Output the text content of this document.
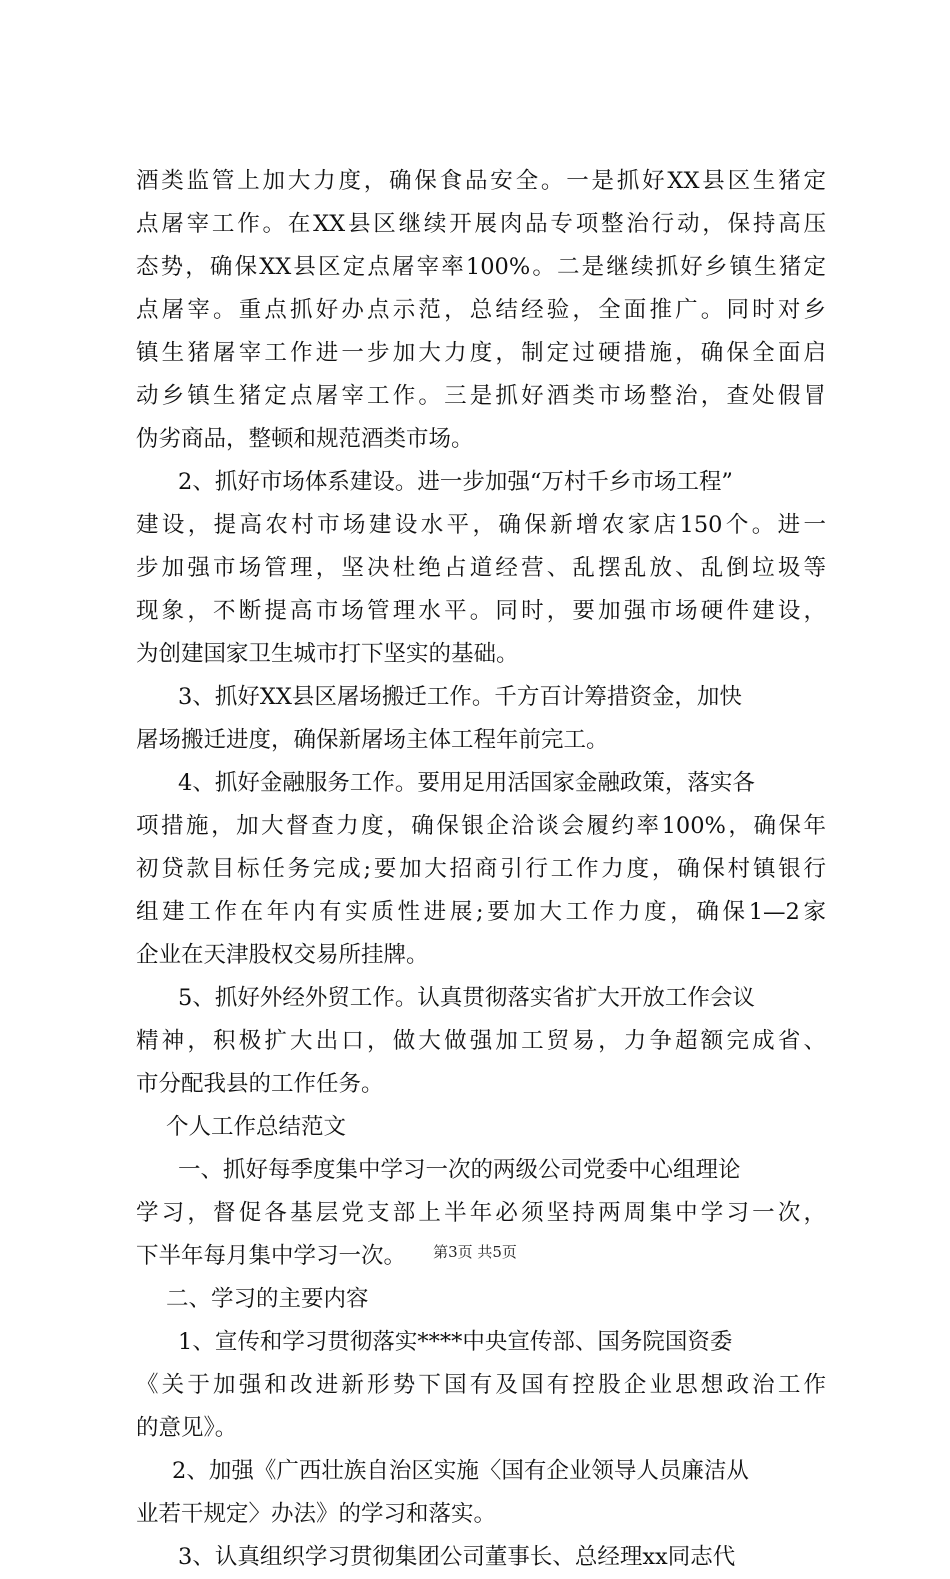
酒类监管上加大力度，确保食品安全。一是抓好XX县区生猪定
点屠宰工作。在XX县区继续开展肉品专项整治行动，保持高压
态势，确保XX县区定点屠宰率100%。二是继续抓好乡镇生猪定
点屠宰。重点抓好办点示范，总结经验，全面推广。同时对乡
镇生猪屠宰工作进一步加大力度，制定过硬措施，确保全面启
动乡镇生猪定点屠宰工作。三是抓好酒类市场整治，查处假冒
伪劣商品，整顿和规范酒类市场。
2、抓好市场体系建设。进一步加强“万村千乡市场工程”
建设，提高农村市场建设水平，确保新增农家店150个。进一
步加强市场管理，坚决杜绝占道经营、乱摆乱放、乱倒垃圾等
现象，不断提高市场管理水平。同时，要加强市场硬件建设，
为创建国家卫生城市打下坚实的基础。
3、抓好XX县区屠场搬迁工作。千方百计筹措资金，加快
屠场搬迁进度，确保新屠场主体工程年前完工。
4、抓好金融服务工作。要用足用活国家金融政策，落实各
项措施，加大督查力度，确保银企洽谈会履约率100%，确保年
初贷款目标任务完成;要加大招商引行工作力度，确保村镇银行
组建工作在年内有实质性进展;要加大工作力度，确保1—2家
企业在天津股权交易所挂牌。
5、抓好外经外贸工作。认真贯彻落实省扩大开放工作会议
精神，积极扩大出口，做大做强加工贸易，力争超额完成省、
市分配我县的工作任务。
个人工作总结范文
一、抓好每季度集中学习一次的两级公司党委中心组理论
学习，督促各基层党支部上半年必须坚持两周集中学习一次，
下半年每月集中学习一次。
二、学习的主要内容
1、宣传和学习贯彻落实****中央宣传部、国务院国资委
《关于加强和改进新形势下国有及国有控股企业思想政治工作
的意见》。
2、加强《广西壮族自治区实施〈国有企业领导人员廉洁从
业若干规定〉办法》的学习和落实。
3、认真组织学习贯彻集团公司董事长、总经理xx同志代
第3页 共5页
